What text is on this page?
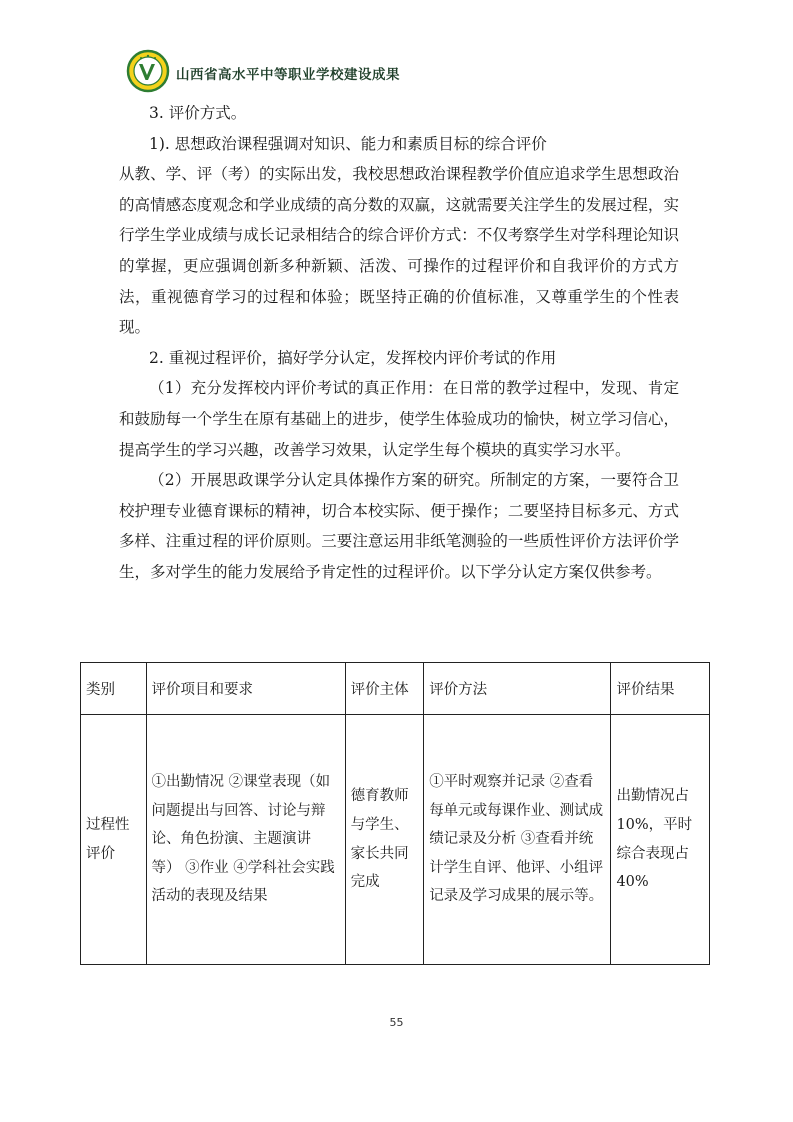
山西省高水平中等职业学校建设成果

3. 评价方式。

1). 思想政治课程强调对知识、能力和素质目标的综合评价

从教、学、评（考）的实际出发，我校思想政治课程教学价值应追求学生思想政治的高情感态度观念和学业成绩的高分数的双赢，这就需要关注学生的发展过程，实行学生学业成绩与成长记录相结合的综合评价方式：不仅考察学生对学科理论知识的掌握，更应强调创新多种新颖、活泼、可操作的过程评价和自我评价的方式方法，重视德育学习的过程和体验；既坚持正确的价值标准，又尊重学生的个性表现。

2. 重视过程评价，搞好学分认定，发挥校内评价考试的作用

（1）充分发挥校内评价考试的真正作用：在日常的教学过程中，发现、肯定和鼓励每一个学生在原有基础上的进步，使学生体验成功的愉快，树立学习信心，提高学生的学习兴趣，改善学习效果，认定学生每个模块的真实学习水平。

（2）开展思政课学分认定具体操作方案的研究。所制定的方案，一要符合卫校护理专业德育课标的精神，切合本校实际、便于操作；二要坚持目标多元、方式多样、注重过程的评价原则。三要注意运用非纸笔测验的一些质性评价方法评价学生，多对学生的能力发展给予肯定性的过程评价。以下学分认定方案仅供参考。

类别	评价项目和要求	评价主体	评价方法	评价结果

过程性评价	①出勤情况 ②课堂表现（如问题提出与回答、讨论与辩论、角色扮演、主题演讲等） ③作业 ④学科社会实践活动的表现及结果	德育教师与学生、家长共同完成	①平时观察并记录 ②查看每单元或每课作业、测试成绩记录及分析 ③查看并统计学生自评、他评、小组评记录及学习成果的展示等。	出勤情况占10%，平时综合表现占40%
55
